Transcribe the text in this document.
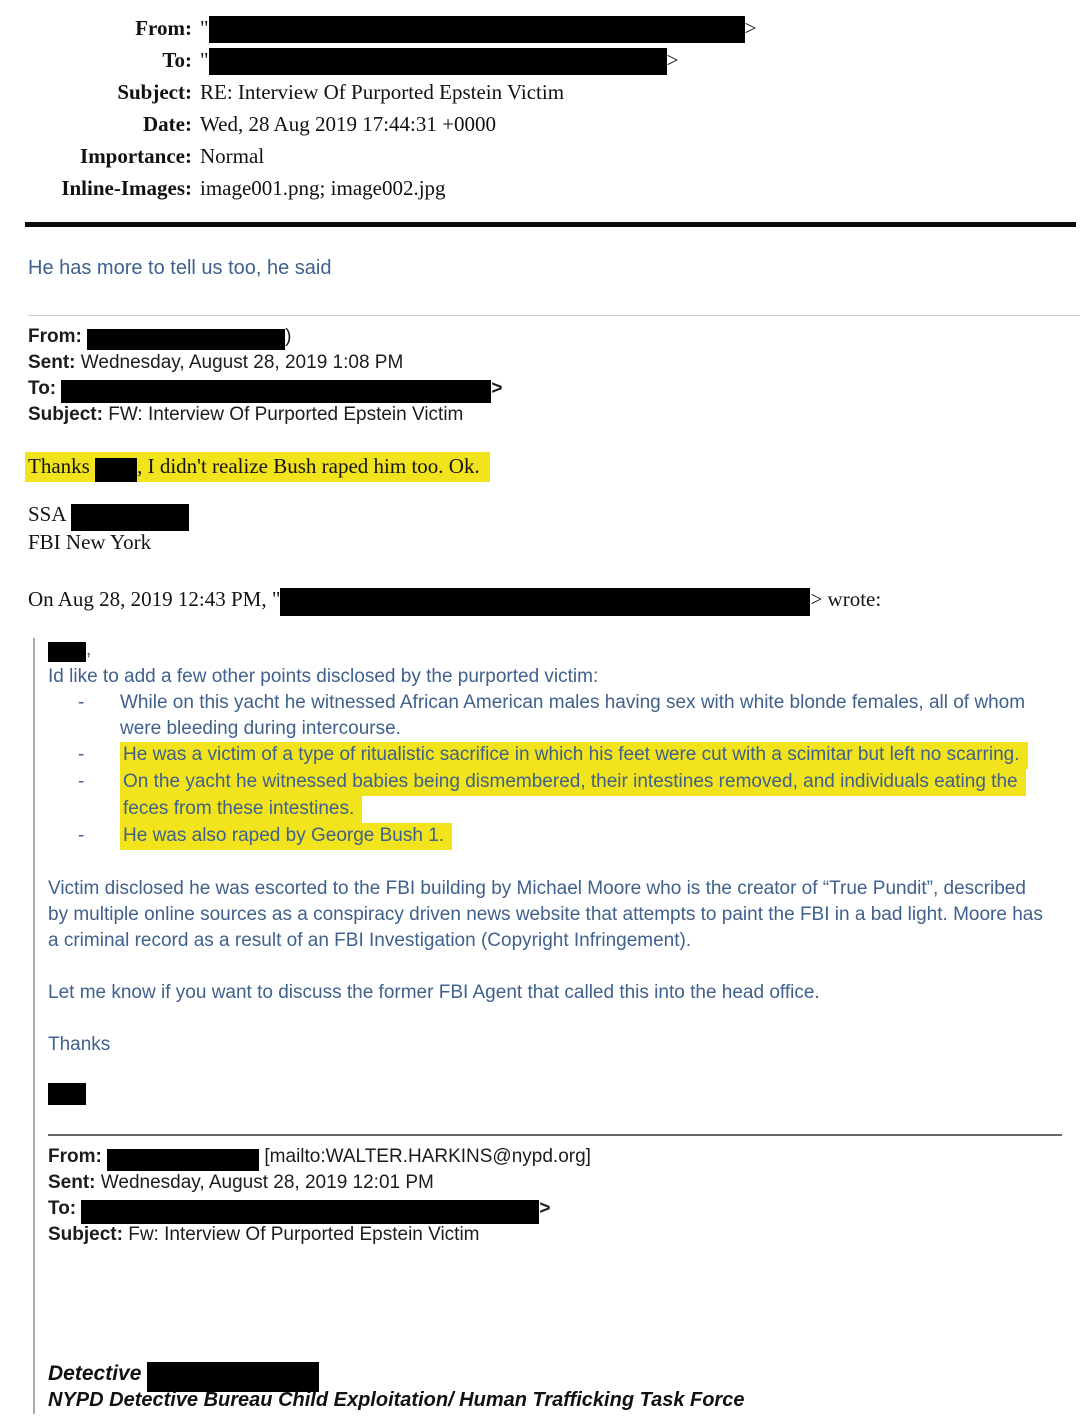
From: "	>
To: "	>
Subject: RE: Interview Of Purported Epstein Victim
Date: Wed, 28 Aug 2019 17:44:31 +0000
Importance: Normal
Inline-Images: image001.png; image002.jpg
He has more to tell us too, he said
From:	)
Sent: Wednesday, August 28, 2019 1:08 PM
To:	>
Subject: FW: Interview Of Purported Epstein Victim
Thanks , I didn't realize Bush raped him too. Ok.
SSA
FBI New York
On Aug 28, 2019 12:43 PM, "	> wrote:
,
Id like to add a few other points disclosed by the purported victim:
-	While on this yacht he witnessed African American males having sex with white blonde females, all of whom
were bleeding during intercourse.
-	He was a victim of a type of ritualistic sacrifice in which his feet were cut with a scimitar but left no scarring.
-	On the yacht he witnessed babies being dismembered, their intestines removed, and individuals eating the
feces from these intestines.
-	He was also raped by George Bush 1.
Victim disclosed he was escorted to the FBI building by Michael Moore who is the creator of “True Pundit”, described
by multiple online sources as a conspiracy driven news website that attempts to paint the FBI in a bad light. Moore has
a criminal record as a result of an FBI Investigation (Copyright Infringement).
Let me know if you want to discuss the former FBI Agent that called this into the head office.
Thanks
From:	[mailto:WALTER.HARKINS@nypd.org]
Sent: Wednesday, August 28, 2019 12:01 PM
To:	>
Subject: Fw: Interview Of Purported Epstein Victim
Detective
NYPD Detective Bureau Child Exploitation/ Human Trafficking Task Force
